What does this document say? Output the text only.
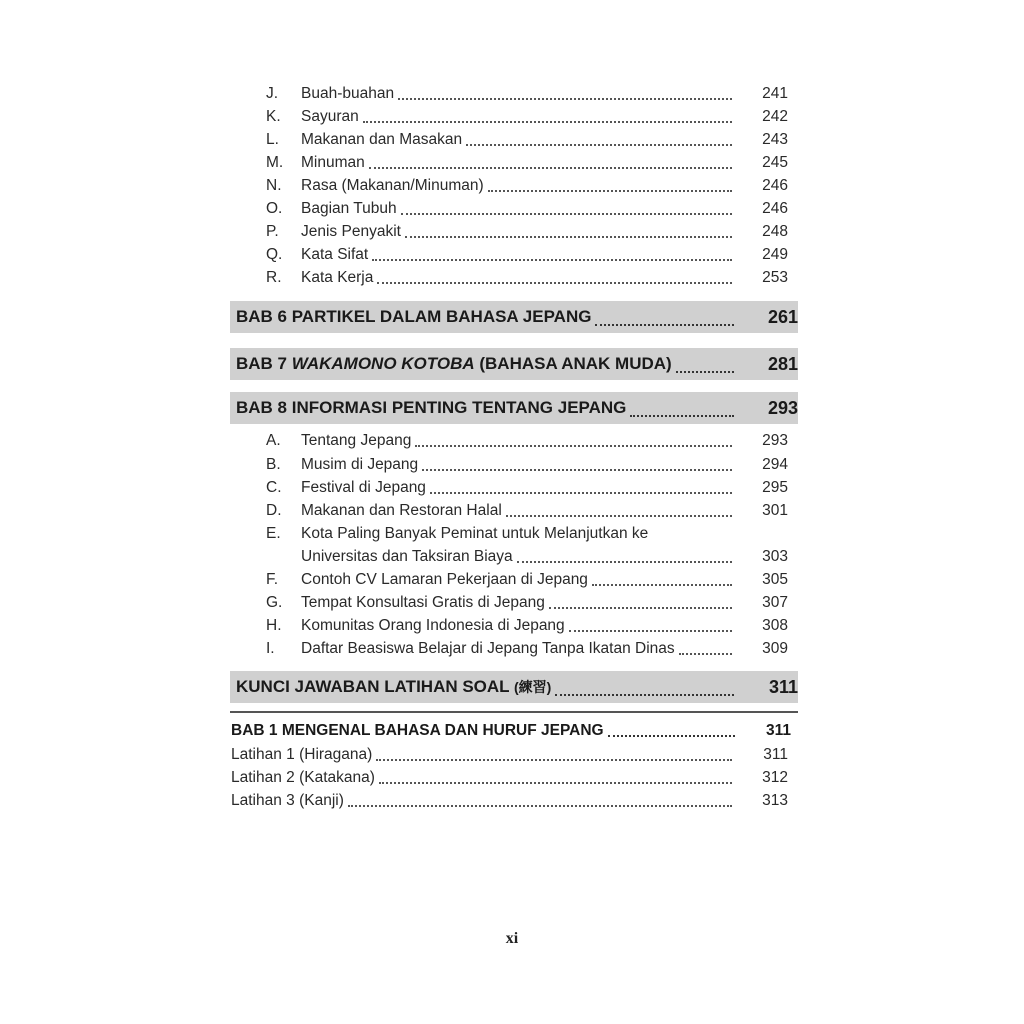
J.	Buah-buahan	241
K.	Sayuran	242
L.	Makanan dan Masakan	243
M.	Minuman	245
N.	Rasa (Makanan/Minuman)	246
O.	Bagian Tubuh	246
P.	Jenis Penyakit	248
Q.	Kata Sifat	249
R.	Kata Kerja	253
BAB 6 PARTIKEL DALAM BAHASA JEPANG	261
BAB 7 WAKAMONO KOTOBA (BAHASA ANAK MUDA)	281
BAB 8 INFORMASI PENTING TENTANG JEPANG	293
A.	Tentang Jepang	293
B.	Musim di Jepang	294
C.	Festival di Jepang	295
D.	Makanan dan Restoran Halal	301
E.	Kota Paling Banyak Peminat untuk Melanjutkan ke
Universitas dan Taksiran Biaya	303
F.	Contoh CV Lamaran Pekerjaan di Jepang	305
G.	Tempat Konsultasi Gratis di Jepang	307
H.	Komunitas Orang Indonesia di Jepang	308
I.	Daftar Beasiswa Belajar di Jepang Tanpa Ikatan Dinas	309
KUNCI JAWABAN LATIHAN SOAL (練習)	311
BAB 1 MENGENAL BAHASA DAN HURUF JEPANG	311
Latihan 1 (Hiragana)	311
Latihan 2 (Katakana)	312
Latihan 3 (Kanji)	313
xi
